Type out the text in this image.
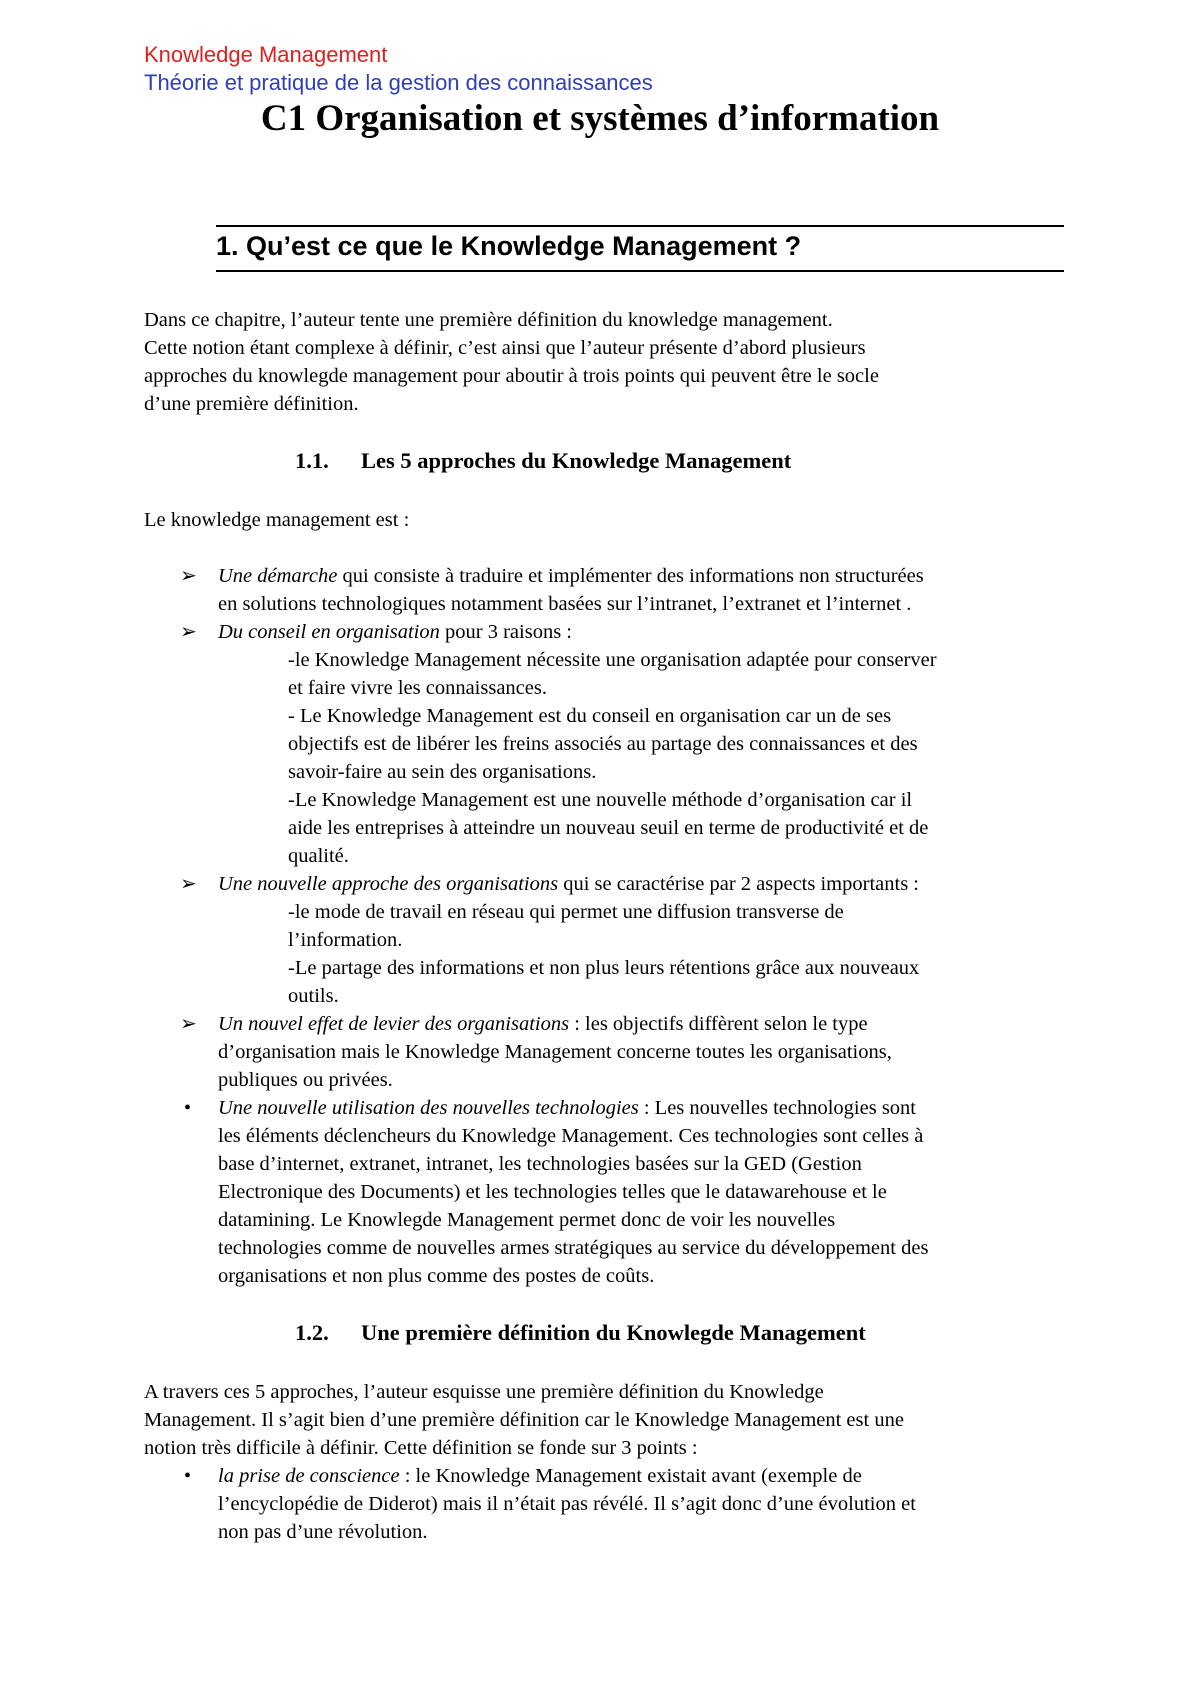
Knowledge Management
Théorie et pratique de la gestion des connaissances
C1 Organisation et systèmes d’information
1. Qu’est ce que le Knowledge Management ?
Dans ce chapitre, l’auteur tente une première définition du knowledge management.
Cette notion étant complexe à définir, c’est ainsi que l’auteur présente d’abord plusieurs
approches du knowlegde management pour aboutir à trois points qui peuvent être le socle
d’une première définition.
1.1. Les 5 approches du Knowledge Management
Le knowledge management est :
➢ Une démarche qui consiste à traduire et implémenter des informations non structurées
en solutions technologiques notamment basées sur l’intranet, l’extranet et l’internet .
➢ Du conseil en organisation pour 3 raisons :
-le Knowledge Management nécessite une organisation adaptée pour conserver
et faire vivre les connaissances.
- Le Knowledge Management est du conseil en organisation car un de ses
objectifs est de libérer les freins associés au partage des connaissances et des
savoir-faire au sein des organisations.
-Le Knowledge Management est une nouvelle méthode d’organisation car il
aide les entreprises à atteindre un nouveau seuil en terme de productivité et de
qualité.
➢ Une nouvelle approche des organisations qui se caractérise par 2 aspects importants :
-le mode de travail en réseau qui permet une diffusion transverse de
l’information.
-Le partage des informations et non plus leurs rétentions grâce aux nouveaux
outils.
➢ Un nouvel effet de levier des organisations : les objectifs diffèrent selon le type
d’organisation mais le Knowledge Management concerne toutes les organisations,
publiques ou privées.
• Une nouvelle utilisation des nouvelles technologies : Les nouvelles technologies sont
les éléments déclencheurs du Knowledge Management. Ces technologies sont celles à
base d’internet, extranet, intranet, les technologies basées sur la GED (Gestion
Electronique des Documents) et les technologies telles que le datawarehouse et le
datamining. Le Knowlegde Management permet donc de voir les nouvelles
technologies comme de nouvelles armes stratégiques au service du développement des
organisations et non plus comme des postes de coûts.
1.2. Une première définition du Knowlegde Management
A travers ces 5 approches, l’auteur esquisse une première définition du Knowledge
Management. Il s’agit bien d’une première définition car le Knowledge Management est une
notion très difficile à définir. Cette définition se fonde sur 3 points :
• la prise de conscience : le Knowledge Management existait avant (exemple de
l’encyclopédie de Diderot) mais il n’était pas révélé. Il s’agit donc d’une évolution et
non pas d’une révolution.
